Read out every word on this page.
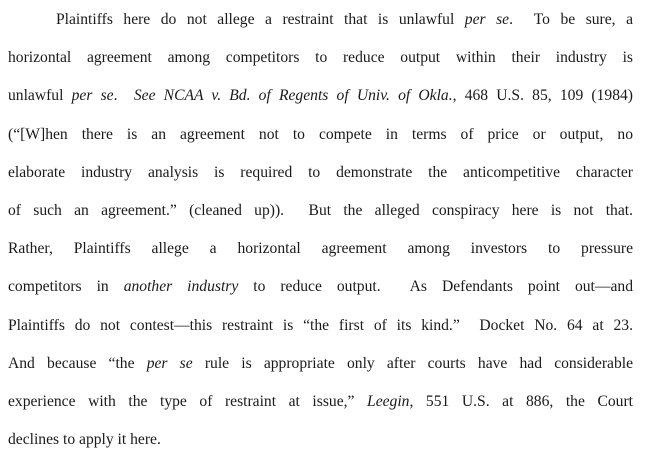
Plaintiffs here do not allege a restraint that is unlawful per se.  To be sure, a
horizontal agreement among competitors to reduce output within their industry is
unlawful per se.  See NCAA v. Bd. of Regents of Univ. of Okla., 468 U.S. 85, 109 (1984)
(“[W]hen there is an agreement not to compete in terms of price or output, no
elaborate industry analysis is required to demonstrate the anticompetitive character
of such an agreement.” (cleaned up)).  But the alleged conspiracy here is not that.
Rather, Plaintiffs allege a horizontal agreement among investors to pressure
competitors in another industry to reduce output.  As Defendants point out—and
Plaintiffs do not contest—this restraint is “the first of its kind.”  Docket No. 64 at 23.
And because “the per se rule is appropriate only after courts have had considerable
experience with the type of restraint at issue,” Leegin, 551 U.S. at 886, the Court
declines to apply it here.
